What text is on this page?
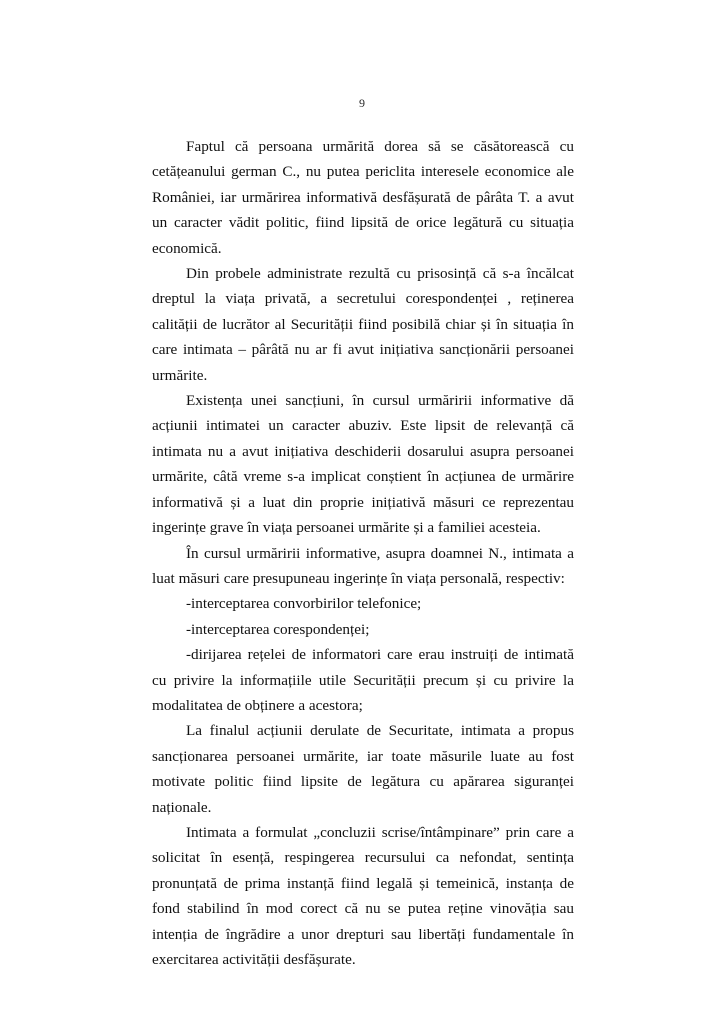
9

Faptul că persoana urmărită dorea să se căsătorească cu cetățeanului german C., nu putea periclita interesele economice ale României, iar urmărirea informativă desfășurată de pârâta T. a avut un caracter vădit politic, fiind lipsită de orice legătură cu situația economică.

Din probele administrate rezultă cu prisosință că s-a încălcat dreptul la viața privată, a secretului corespondenței , reținerea calității de lucrător al Securității fiind posibilă chiar și în situația în care intimata – pârâtă nu ar fi avut inițiativa sancționării persoanei urmărite.

Existența unei sancțiuni, în cursul urmăririi informative dă acțiunii intimatei un caracter abuziv. Este lipsit de relevanță că intimata nu a avut inițiativa deschiderii dosarului asupra persoanei urmărite, câtă vreme s-a implicat conștient în acțiunea de urmărire informativă și a luat din proprie inițiativă măsuri ce reprezentau ingerințe grave în viața persoanei urmărite și a familiei acesteia.

În cursul urmăririi informative, asupra doamnei N., intimata a luat măsuri care presupuneau ingerințe în viața personală, respectiv:

-interceptarea convorbirilor telefonice;

-interceptarea corespondenței;

-dirijarea rețelei de informatori care erau instruiți de intimată cu privire la informațiile utile Securității precum și cu privire la modalitatea de obținere a acestora;

La finalul acțiunii derulate de Securitate, intimata a propus sancționarea persoanei urmărite, iar toate măsurile luate au fost motivate politic fiind lipsite de legătura cu apărarea siguranței naționale.

Intimata a formulat „concluzii scrise/întâmpinare” prin care a solicitat în esență, respingerea recursului ca nefondat, sentința pronunțată de prima instanță fiind legală și temeinică, instanța de fond stabilind în mod corect că nu se putea reține vinovăția sau intenția de îngrădire a unor drepturi sau libertăți fundamentale în exercitarea activității desfășurate.
